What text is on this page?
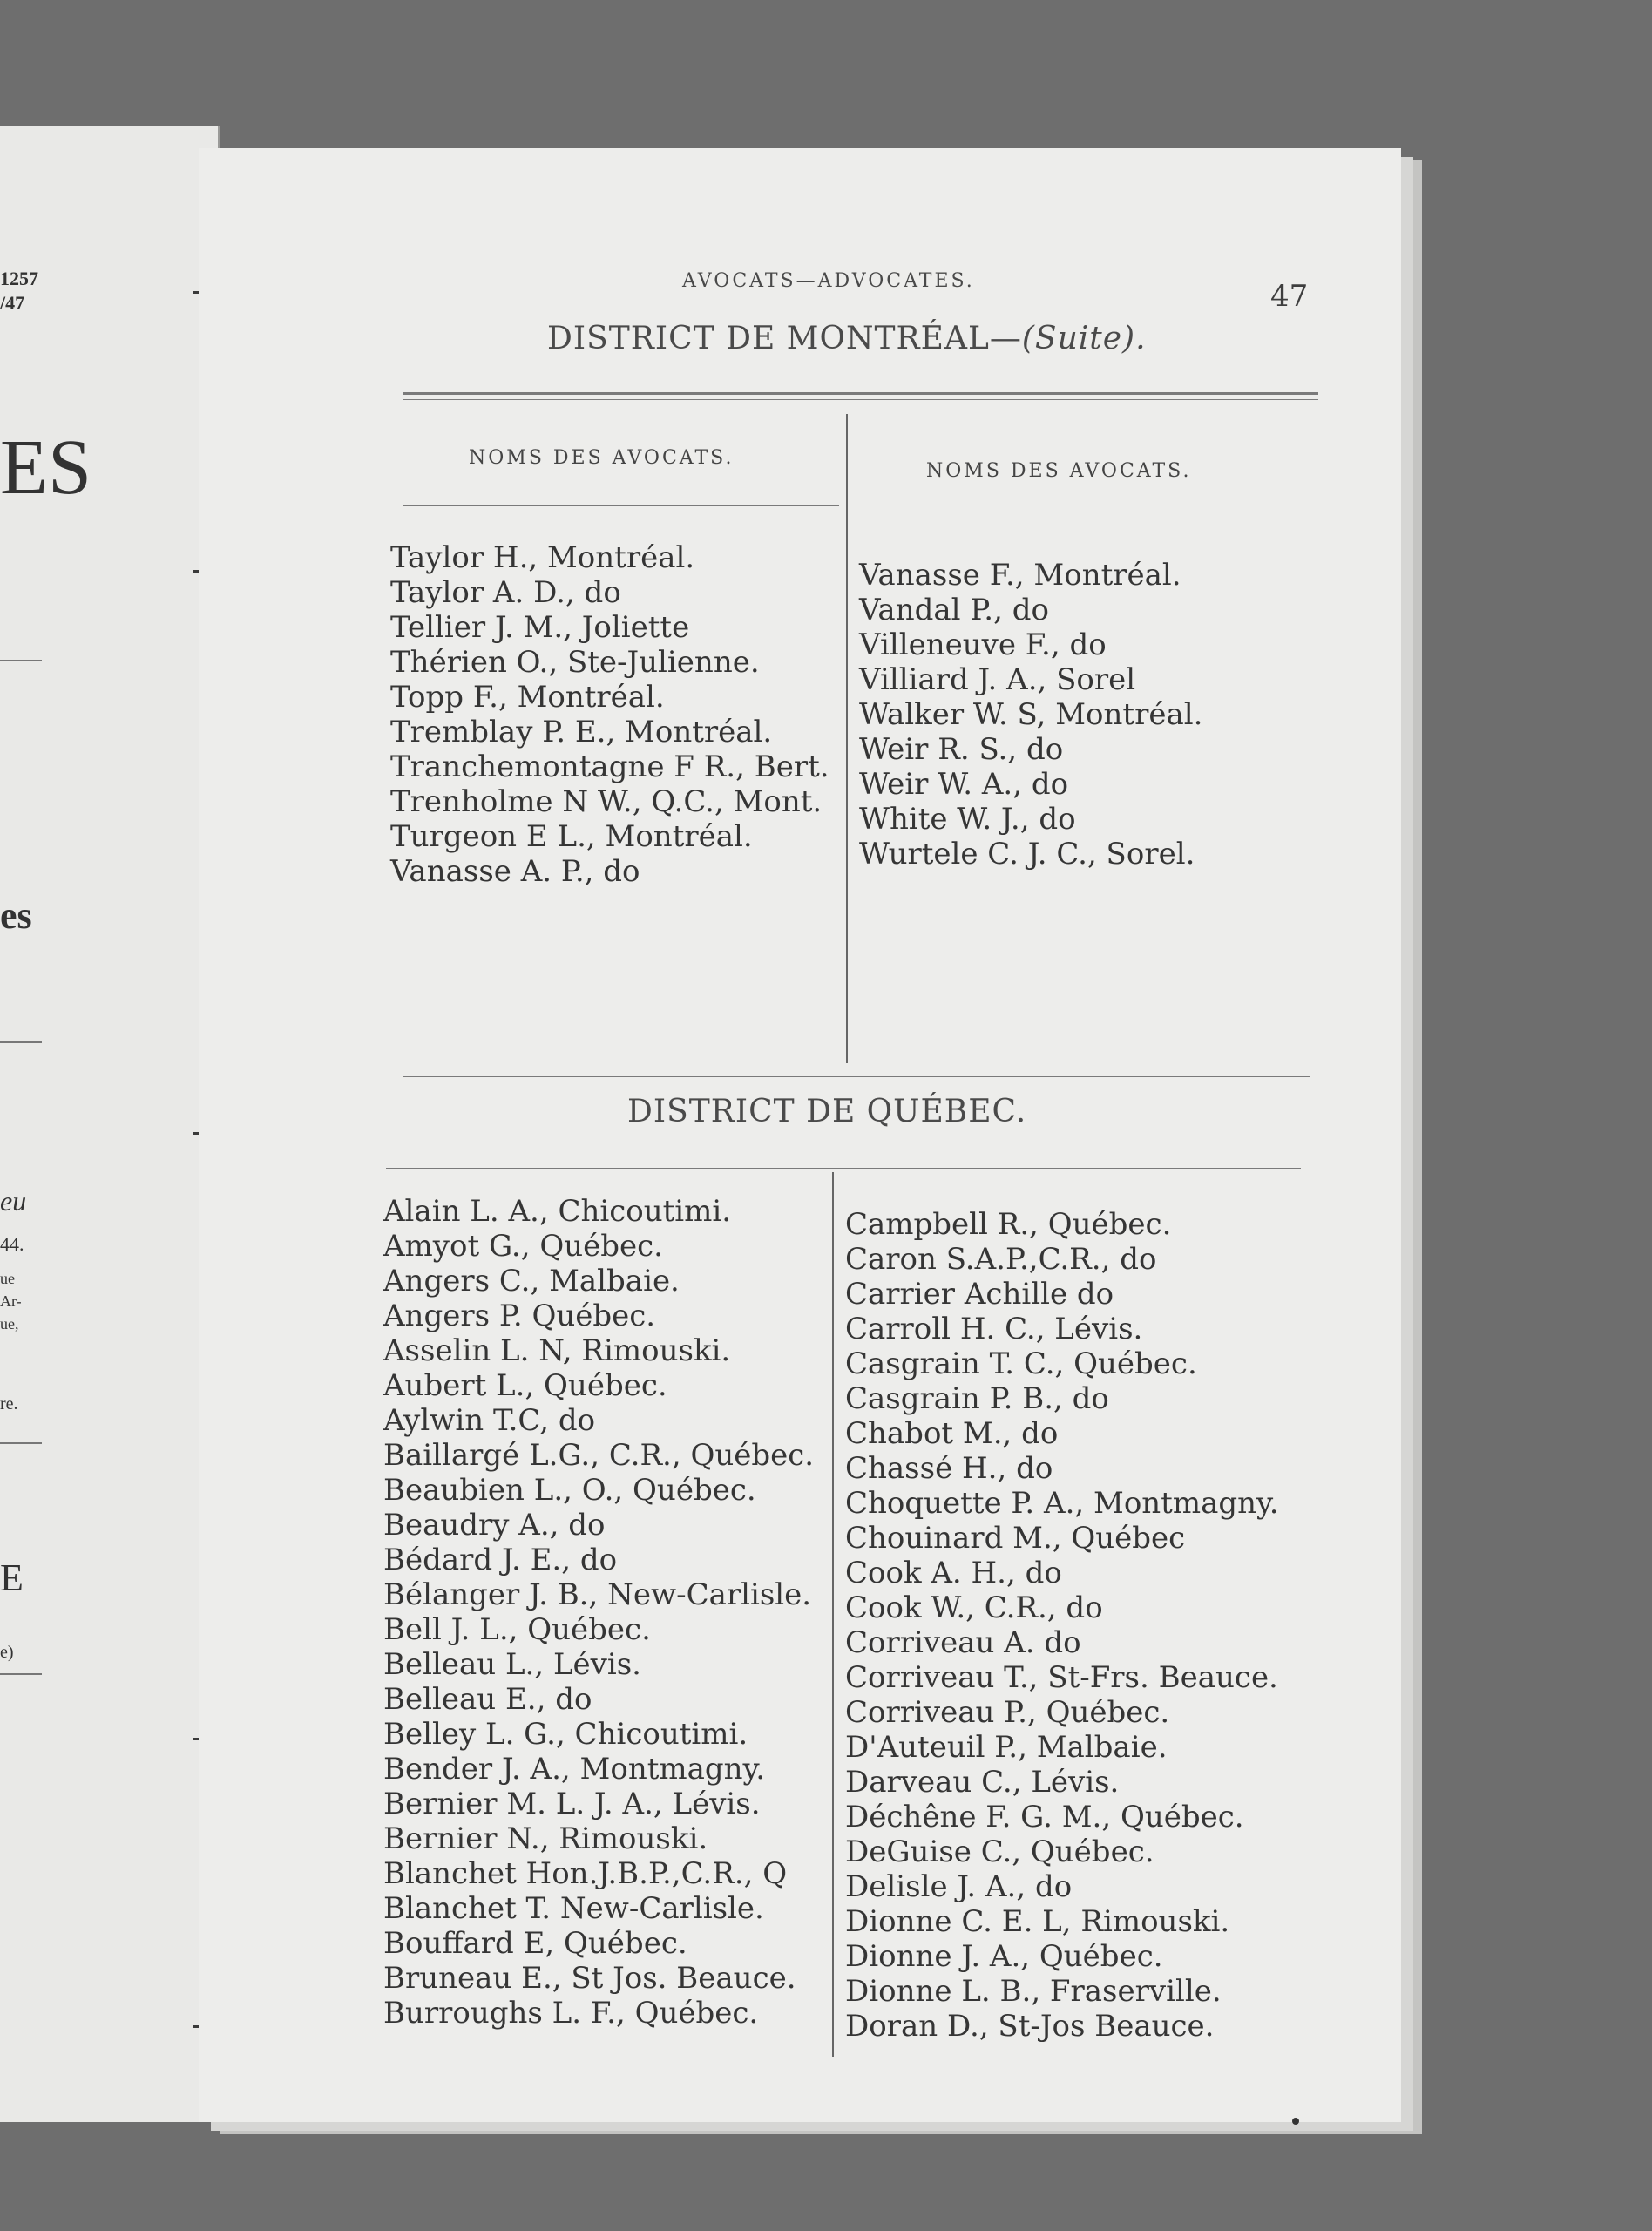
1257
/47
ES
es
eu
44.
ue
Ar-
ue,
re.
E
e)
AVOCATS—ADVOCATES.	47
DISTRICT DE MONTRÉAL—(Suite).
NOMS DES AVOCATS.
NOMS DES AVOCATS.
Taylor H., Montréal.
Taylor A. D., do
Tellier J. M., Joliette
Thérien O., Ste-Julienne.
Topp F., Montréal.
Tremblay P. E., Montréal.
Tranchemontagne F R., Bert.
Trenholme N W., Q.C., Mont.
Turgeon E L., Montréal.
Vanasse A. P., do
Vanasse F., Montréal.
Vandal P., do
Villeneuve F., do
Villiard J. A., Sorel
Walker W. S, Montréal.
Weir R. S., do
Weir W. A., do
White W. J., do
Wurtele C. J. C., Sorel.
DISTRICT DE QUÉBEC.
Alain L. A., Chicoutimi.
Amyot G., Québec.
Angers C., Malbaie.
Angers P. Québec.
Asselin L. N, Rimouski.
Aubert L., Québec.
Aylwin T.C, do
Baillargé L.G., C.R., Québec.
Beaubien L., O., Québec.
Beaudry A., do
Bédard J. E., do
Bélanger J. B., New-Carlisle.
Bell J. L., Québec.
Belleau L., Lévis.
Belleau E., do
Belley L. G., Chicoutimi.
Bender J. A., Montmagny.
Bernier M. L. J. A., Lévis.
Bernier N., Rimouski.
Blanchet Hon.J.B.P.,C.R., Q
Blanchet T. New-Carlisle.
Bouffard E, Québec.
Bruneau E., St Jos. Beauce.
Burroughs L. F., Québec.
Campbell R., Québec.
Caron S.A.P.,C.R., do
Carrier Achille do
Carroll H. C., Lévis.
Casgrain T. C., Québec.
Casgrain P. B., do
Chabot M., do
Chassé H., do
Choquette P. A., Montmagny.
Chouinard M., Québec
Cook A. H., do
Cook W., C.R., do
Corriveau A. do
Corriveau T., St-Frs. Beauce.
Corriveau P., Québec.
D'Auteuil P., Malbaie.
Darveau C., Lévis.
Déchêne F. G. M., Québec.
DeGuise C., Québec.
Delisle J. A., do
Dionne C. E. L, Rimouski.
Dionne J. A., Québec.
Dionne L. B., Fraserville.
Doran D., St-Jos Beauce.
